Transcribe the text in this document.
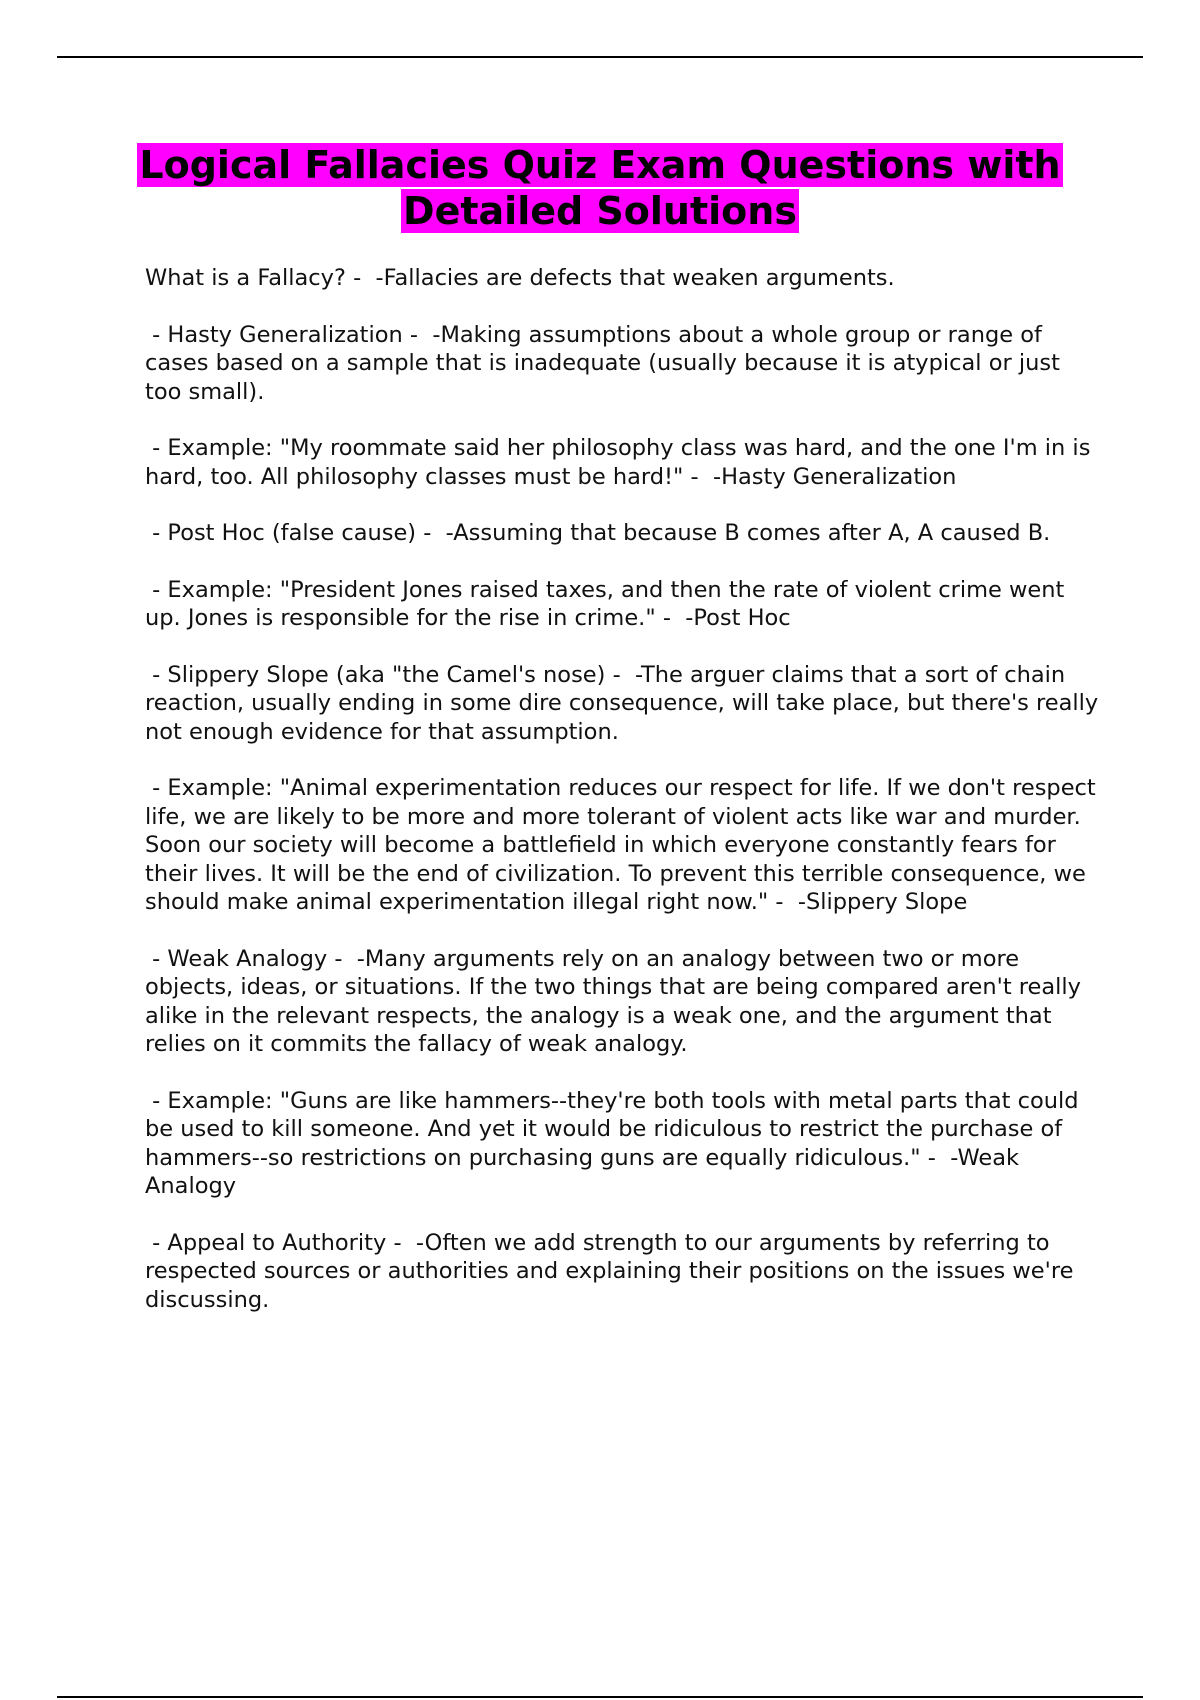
Logical Fallacies Quiz Exam Questions with Detailed Solutions

What is a Fallacy? -  -Fallacies are defects that weaken arguments.

- Hasty Generalization -  -Making assumptions about a whole group or range of cases based on a sample that is inadequate (usually because it is atypical or just too small).

- Example: "My roommate said her philosophy class was hard, and the one I'm in is hard, too. All philosophy classes must be hard!" -  -Hasty Generalization

- Post Hoc (false cause) -  -Assuming that because B comes after A, A caused B.

- Example: "President Jones raised taxes, and then the rate of violent crime went up. Jones is responsible for the rise in crime." -  -Post Hoc

- Slippery Slope (aka "the Camel's nose) -  -The arguer claims that a sort of chain reaction, usually ending in some dire consequence, will take place, but there's really not enough evidence for that assumption.

- Example: "Animal experimentation reduces our respect for life. If we don't respect life, we are likely to be more and more tolerant of violent acts like war and murder. Soon our society will become a battlefield in which everyone constantly fears for their lives. It will be the end of civilization. To prevent this terrible consequence, we should make animal experimentation illegal right now." -  -Slippery Slope

- Weak Analogy -  -Many arguments rely on an analogy between two or more objects, ideas, or situations. If the two things that are being compared aren't really alike in the relevant respects, the analogy is a weak one, and the argument that relies on it commits the fallacy of weak analogy.

- Example: "Guns are like hammers--they're both tools with metal parts that could be used to kill someone. And yet it would be ridiculous to restrict the purchase of hammers--so restrictions on purchasing guns are equally ridiculous." -  -Weak Analogy

- Appeal to Authority -  -Often we add strength to our arguments by referring to respected sources or authorities and explaining their positions on the issues we're discussing.
